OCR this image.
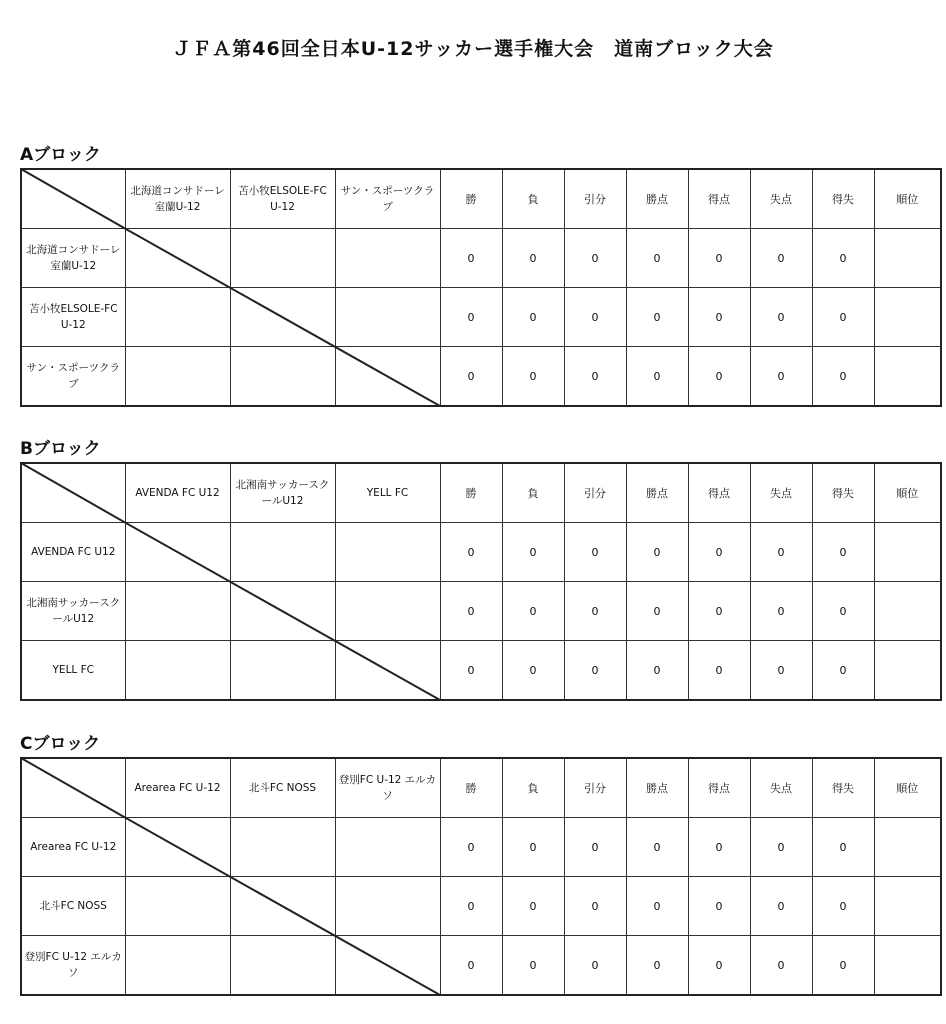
ＪＦＡ第46回全日本U-12サッカー選手権大会　道南ブロック大会
Aブロック
	北海道コンサドーレ室蘭U-12	苫小牧ELSOLE-FC U-12	サン・スポーツクラブ	勝	負	引分	勝点	得点	失点	得失	順位
北海道コンサドーレ室蘭U-12				0	0	0	0	0	0	0	
苫小牧ELSOLE-FC U-12				0	0	0	0	0	0	0	
サン・スポーツクラブ				0	0	0	0	0	0	0	
Bブロック
	AVENDA FC U12	北湘南サッカースクールU12	YELL FC	勝	負	引分	勝点	得点	失点	得失	順位
AVENDA FC U12				0	0	0	0	0	0	0	
北湘南サッカースクールU12				0	0	0	0	0	0	0	
YELL FC				0	0	0	0	0	0	0	
Cブロック
	Arearea FC U-12	北斗FC NOSS	登別FC U-12 エルカソ	勝	負	引分	勝点	得点	失点	得失	順位
Arearea FC U-12				0	0	0	0	0	0	0	
北斗FC NOSS				0	0	0	0	0	0	0	
登別FC U-12 エルカソ				0	0	0	0	0	0	0	
